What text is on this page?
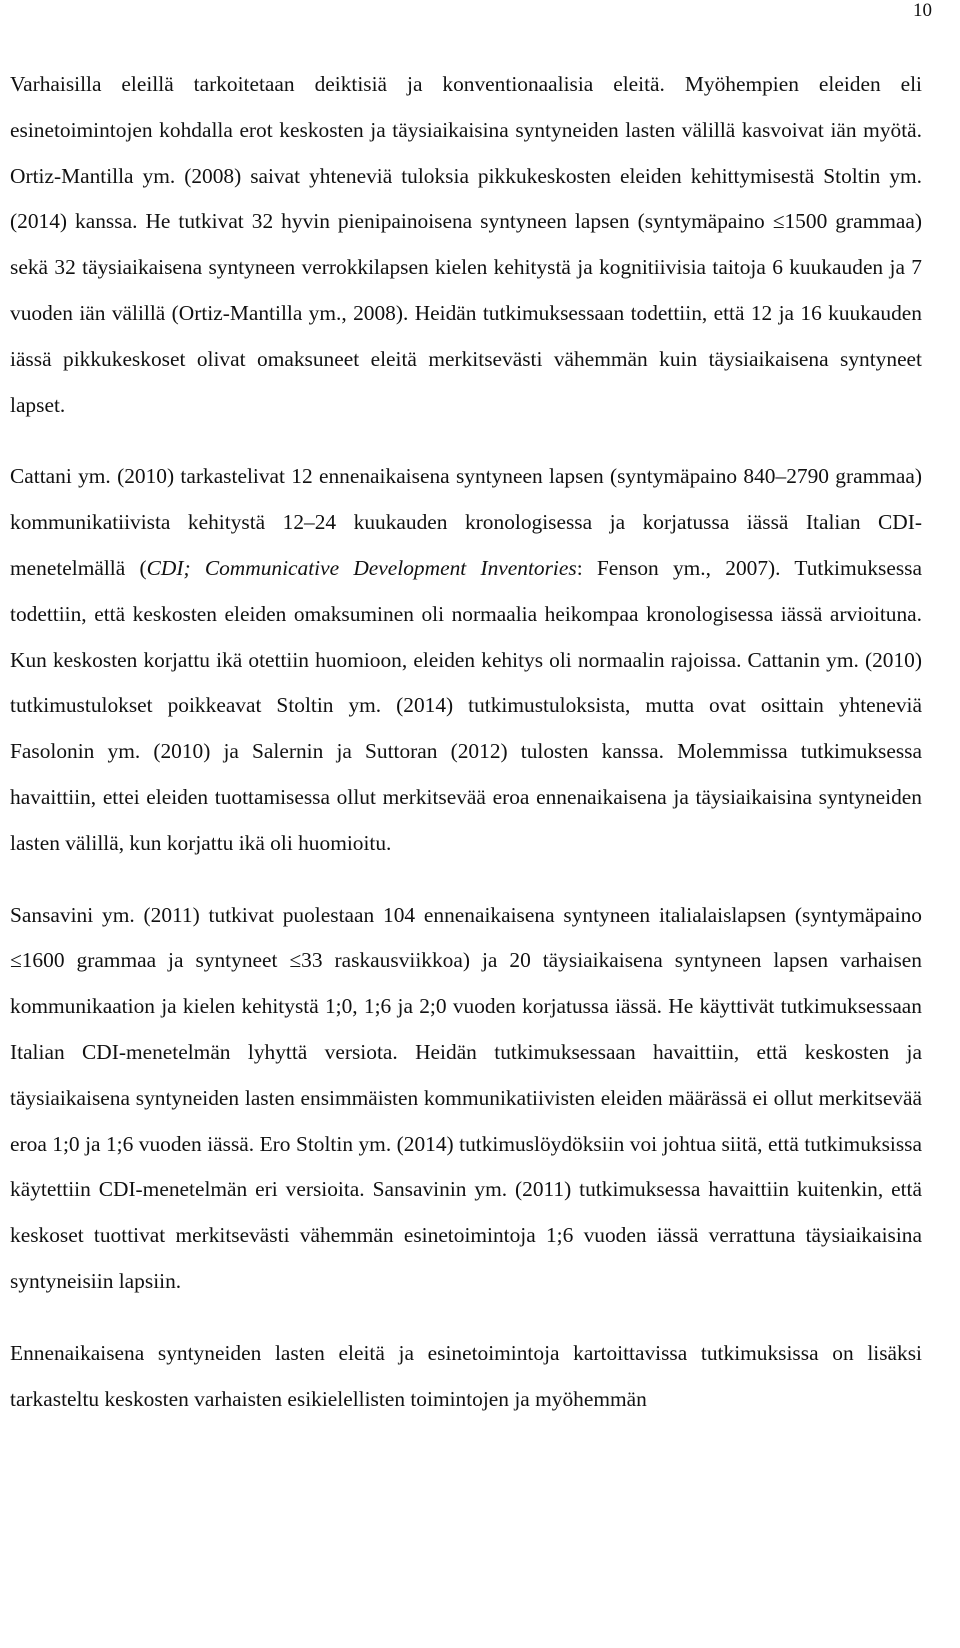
10

Varhaisilla eleillä tarkoitetaan deiktisiä ja konventionaalisia eleitä. Myöhempien eleiden eli esinetoimintojen kohdalla erot keskosten ja täysiaikaisina syntyneiden lasten välillä kasvoivat iän myötä. Ortiz-Mantilla ym. (2008) saivat yhteneviä tuloksia pikkukeskosten eleiden kehittymisestä Stoltin ym. (2014) kanssa. He tutkivat 32 hyvin pienipainoisena syntyneen lapsen (syntymäpaino ≤1500 grammaa) sekä 32 täysiaikaisena syntyneen verrokkilapsen kielen kehitystä ja kognitiivisia taitoja 6 kuukauden ja 7 vuoden iän välillä (Ortiz-Mantilla ym., 2008). Heidän tutkimuksessaan todettiin, että 12 ja 16 kuukauden iässä pikkukeskoset olivat omaksuneet eleitä merkitsevästi vähemmän kuin täysiaikaisena syntyneet lapset.

Cattani ym. (2010) tarkastelivat 12 ennenaikaisena syntyneen lapsen (syntymäpaino 840–2790 grammaa) kommunikatiivista kehitystä 12–24 kuukauden kronologisessa ja korjatussa iässä Italian CDI-menetelmällä (CDI; Communicative Development Inventories: Fenson ym., 2007). Tutkimuksessa todettiin, että keskosten eleiden omaksuminen oli normaalia heikompaa kronologisessa iässä arvioituna. Kun keskosten korjattu ikä otettiin huomioon, eleiden kehitys oli normaalin rajoissa. Cattanin ym. (2010) tutkimustulokset poikkeavat Stoltin ym. (2014) tutkimustuloksista, mutta ovat osittain yhteneviä Fasolonin ym. (2010) ja Salernin ja Suttoran (2012) tulosten kanssa. Molemmissa tutkimuksessa havaittiin, ettei eleiden tuottamisessa ollut merkitsevää eroa ennenaikaisena ja täysiaikaisina syntyneiden lasten välillä, kun korjattu ikä oli huomioitu.

Sansavini ym. (2011) tutkivat puolestaan 104 ennenaikaisena syntyneen italialaislapsen (syntymäpaino ≤1600 grammaa ja syntyneet ≤33 raskausviikkoa) ja 20 täysiaikaisena syntyneen lapsen varhaisen kommunikaation ja kielen kehitystä 1;0, 1;6 ja 2;0 vuoden korjatussa iässä. He käyttivät tutkimuksessaan Italian CDI-menetelmän lyhyttä versiota. Heidän tutkimuksessaan havaittiin, että keskosten ja täysiaikaisena syntyneiden lasten ensimmäisten kommunikatiivisten eleiden määrässä ei ollut merkitsevää eroa 1;0 ja 1;6 vuoden iässä. Ero Stoltin ym. (2014) tutkimuslöydöksiin voi johtua siitä, että tutkimuksissa käytettiin CDI-menetelmän eri versioita. Sansavinin ym. (2011) tutkimuksessa havaittiin kuitenkin, että keskoset tuottivat merkitsevästi vähemmän esinetoimintoja 1;6 vuoden iässä verrattuna täysiaikaisina syntyneisiin lapsiin.

Ennenaikaisena syntyneiden lasten eleitä ja esinetoimintoja kartoittavissa tutkimuksissa on lisäksi tarkasteltu keskosten varhaisten esikielellisten toimintojen ja myöhemmän
